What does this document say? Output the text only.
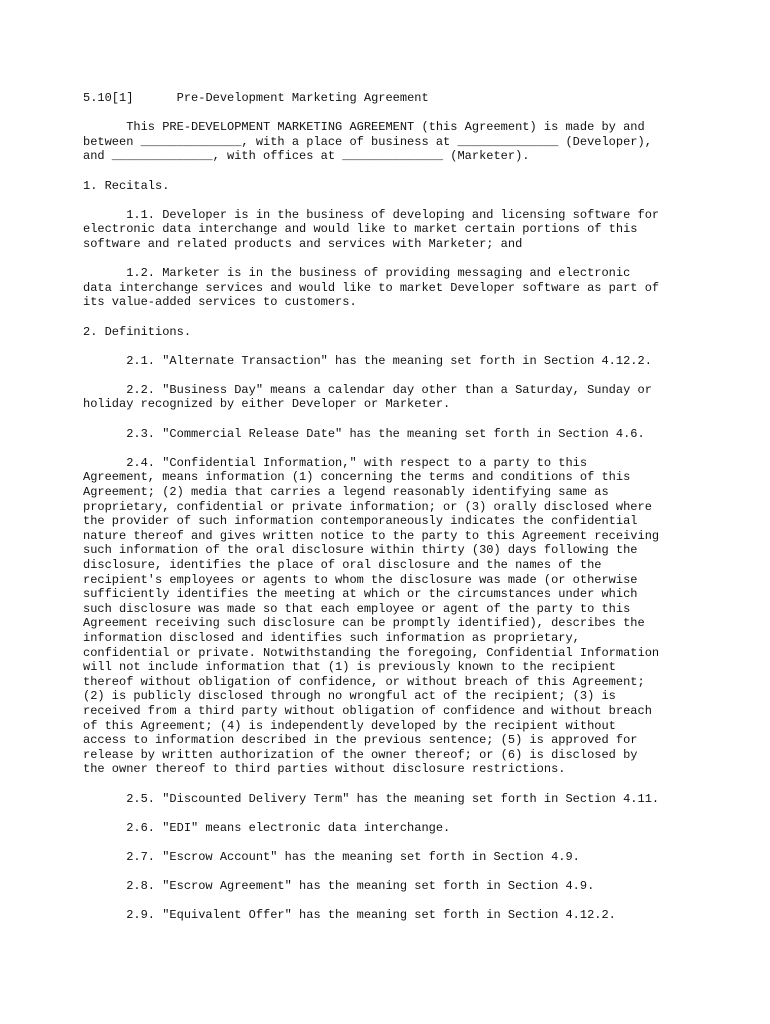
5.10[1]	Pre-Development Marketing Agreement
This PRE-DEVELOPMENT MARKETING AGREEMENT (this Agreement) is made by and
between ______________, with a place of business at ______________ (Developer),
and ______________, with offices at ______________ (Marketer).
1. Recitals.
1.1. Developer is in the business of developing and licensing software for
electronic data interchange and would like to market certain portions of this
software and related products and services with Marketer; and
1.2. Marketer is in the business of providing messaging and electronic
data interchange services and would like to market Developer software as part of
its value-added services to customers.
2. Definitions.
2.1. "Alternate Transaction" has the meaning set forth in Section 4.12.2.
2.2. "Business Day" means a calendar day other than a Saturday, Sunday or
holiday recognized by either Developer or Marketer.
2.3. "Commercial Release Date" has the meaning set forth in Section 4.6.
2.4. "Confidential Information," with respect to a party to this
Agreement, means information (1) concerning the terms and conditions of this
Agreement; (2) media that carries a legend reasonably identifying same as
proprietary, confidential or private information; or (3) orally disclosed where
the provider of such information contemporaneously indicates the confidential
nature thereof and gives written notice to the party to this Agreement receiving
such information of the oral disclosure within thirty (30) days following the
disclosure, identifies the place of oral disclosure and the names of the
recipient's employees or agents to whom the disclosure was made (or otherwise
sufficiently identifies the meeting at which or the circumstances under which
such disclosure was made so that each employee or agent of the party to this
Agreement receiving such disclosure can be promptly identified), describes the
information disclosed and identifies such information as proprietary,
confidential or private. Notwithstanding the foregoing, Confidential Information
will not include information that (1) is previously known to the recipient
thereof without obligation of confidence, or without breach of this Agreement;
(2) is publicly disclosed through no wrongful act of the recipient; (3) is
received from a third party without obligation of confidence and without breach
of this Agreement; (4) is independently developed by the recipient without
access to information described in the previous sentence; (5) is approved for
release by written authorization of the owner thereof; or (6) is disclosed by
the owner thereof to third parties without disclosure restrictions.
2.5. "Discounted Delivery Term" has the meaning set forth in Section 4.11.
2.6. "EDI" means electronic data interchange.
2.7. "Escrow Account" has the meaning set forth in Section 4.9.
2.8. "Escrow Agreement" has the meaning set forth in Section 4.9.
2.9. "Equivalent Offer" has the meaning set forth in Section 4.12.2.
